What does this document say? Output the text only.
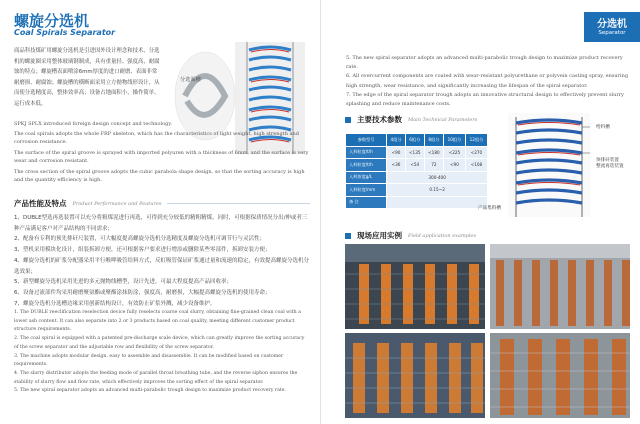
螺旋分选机
Coal Spirals Separator
商品科技煤矿用螺旋分选机是引进国外设计理念和技术，分选机的螺旋圈采用整体玻璃钢制成，具有重量轻、强度高、耐腐蚀的特点；螺旋槽表面喷涂6mm厚度的进口耐磨、表面非常耐磨损、耐腐蚀；螺旋槽的横断面采用立方抛物线形设计，从而使分选精度高，整体效率高；设备占地面积小、操作简单、运行成本低。
分选面槽
SPKJ SPLX introduced foreign design concept and technology.
The coal spirals adopts the whole FRP skeleton, which has the characteristics of light weight, high strength and corrosion resistance.
The surface of the spiral groove is sprayed with imported polyuren with a thickness of 6mm, and the surface is very wear and corrosion resistant.
The cross section of the spiral groove adopts the cubic parabola shape design, so that the sorting accuracy is high and the quantity efficiency is high.
产品性能及特点 Product Performance and Features
1、DUBLE型选再选装置可以充分将粗煤泥进行再选，可得到充分较低的精粗精煤，同时，可根据保质情况分出/伸或者三种产品满足客户对产品结构的不同需求；
2、配备有专利的预先排矸尺装置，可大幅度提高螺旋分选机分选精度及螺旋分选机可调节行与灵活性；
3、塑机采用模块化设计，组装拆卸方便，还可根据客户要求进行增添或删除某些零部件，拆卸安装方便；
4、螺旋分选机的矿浆分配器采用平行喉呷吸管给料方式，反虹吸管保证矿浆通过量和流速的稳定，有效提高螺旋分选机分选效果；
5、新型螺旋分选机采用先进的多元抛物线槽型，设计先进，可最大程度提高产品回收率；
6、设备过流部件均采用耐磨聚氨酯或聚酯涂抹防涂，强度高，耐磨损，大幅提高螺旋分选机的使用寿命；
7、螺旋分选机分选槽边缘采用创新结构设计，有效防止矿浆外溅，减少设备维护。
1. The DUBLE reeclification reselection device fully reselects coarse coal slurry, obtaining fine-grained clean coal with a lower ash content. It can also separate into 2 or 3 products based on coal quality, meeting different customer product structure requirements.
2. The coal spiral is equipped with a patented pre-discharge scale device, which can greatly improve the sorting accuracy of the screw separator and the adjustable row and flexibility of the screw separator.
3. The machine adopts modular design, easy to assemble and disassemble. It can be modified based on customer requirements.
4. The slurry distributor adopts the feeding mode of parallel throat breathing tube, and the reverse siphon ensures the stability of slurry flow and flow rate, which effectively improves the sorting effect of the spiral separator.
5. The new spiral separator adopts an advanced multi-parabolic trough design to maximize product recovery rate.
5. The new spiral separator adopts an advanced multi-parabolic trough design to maximize product recovery rate.
6. All overcurrent components are coated with wear-resistant polyurethane or polyvein casting spray, ensuring high strength, wear resistance, and significantly increasing the lifespan of the spiral separator.
7. The edge of the spiral separator trough adopts an innovative structural design to effectively prevent slurry splashing and reduce maintenance costs.
分选机
Separator
主要技术参数 Main Technical Parameters
参数型号	4组分	6组分	8组分	10组分	12组分
入料粒度/t/h	<90	<135	<180	<225	<270
入料粒度/t/h	<36	<54	72	<90	<108
入料浓度g/L	300-400				
入料粒度/mm	0.15~2				
备 注					
给料槽
预排矸装置
整流再选装置
产品集料槽
现场应用实例 Field application examples
